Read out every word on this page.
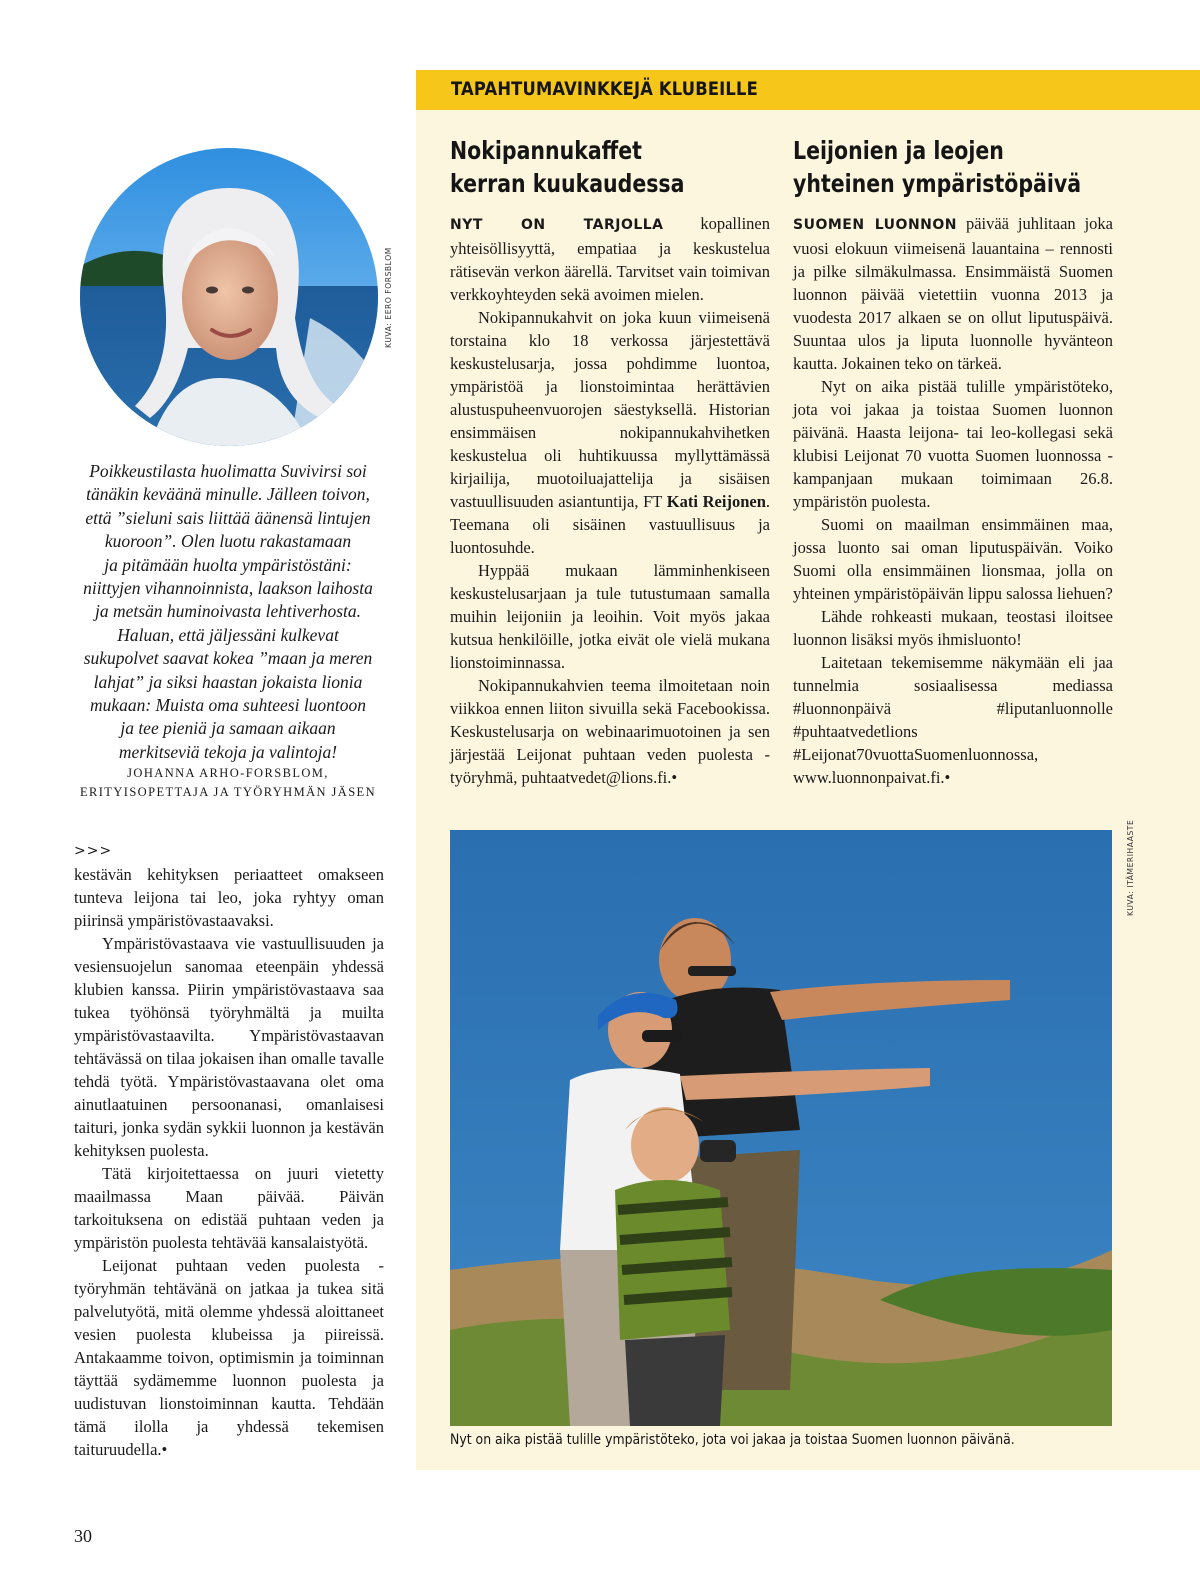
TAPAHTUMAVINKKEJÄ KLUBEILLE
KUVA: EERO FORSBLOM
Poikkeustilasta huolimatta Suvivirsi soi
tänäkin keväänä minulle. Jälleen toivon,
että ”sieluni sais liittää äänensä lintujen
kuoroon”. Olen luotu rakastamaan
ja pitämään huolta ympäristöstäni:
niittyjen vihannoinnista, laakson laihosta
ja metsän huminoivasta lehtiverhosta.
Haluan, että jäljessäni kulkevat
sukupolvet saavat kokea ”maan ja meren
lahjat” ja siksi haastan jokaista lionia
mukaan: Muista oma suhteesi luontoon
ja tee pieniä ja samaan aikaan
merkitseviä tekoja ja valintoja!
JOHANNA ARHO-FORSBLOM,
ERITYISOPETTAJA JA TYÖRYHMÄN JÄSEN
>>>

kestävän kehityksen periaatteet omakseen tunteva leijona tai leo, joka ryhtyy oman piirinsä ympäristövastaavaksi.

Ympäristövastaava vie vastuullisuuden ja vesiensuojelun sanomaa eteenpäin yhdessä klubien kanssa. Piirin ympäristövastaava saa tukea työhönsä työryhmältä ja muilta ympäristövastaavilta. Ympäristövastaavan tehtävässä on tilaa jokaisen ihan omalle tavalle tehdä työtä. Ympäristövastaavana olet oma ainutlaatuinen persoonanasi, omanlaisesi taituri, jonka sydän sykkii luonnon ja kestävän kehityksen puolesta.

Tätä kirjoitettaessa on juuri vietetty maailmassa Maan päivää. Päivän tarkoituksena on edistää puhtaan veden ja ympäristön puolesta tehtävää kansalaistyötä.

Leijonat puhtaan veden puolesta -työryhmän tehtävänä on jatkaa ja tukea sitä palvelutyötä, mitä olemme yhdessä aloittaneet vesien puolesta klubeissa ja piireissä. Antakaamme toivon, optimismin ja toiminnan täyttää sydämemme luonnon puolesta ja uudistuvan lionstoiminnan kautta. Tehdään tämä ilolla ja yhdessä tekemisen taituruudella.•

Nokipannukaffet
kerran kuukaudessa

NYT ON TARJOLLA kopallinen yhteisöllisyyttä, empatiaa ja keskustelua rätisevän verkon äärellä. Tarvitset vain toimivan verkkoyhteyden sekä avoimen mielen.

Nokipannukahvit on joka kuun viimeisenä torstaina klo 18 verkossa järjestettävä keskustelusarja, jossa pohdimme luontoa, ympäristöä ja lionstoimintaa herättävien alustuspuheenvuorojen säestyksellä. Historian ensimmäisen nokipannukahvihetken keskustelua oli huhtikuussa myllyttämässä kirjailija, muotoiluajattelija ja sisäisen vastuullisuuden asiantuntija, FT Kati Reijonen. Teemana oli sisäinen vastuullisuus ja luontosuhde.

Hyppää mukaan lämminhenkiseen keskustelusarjaan ja tule tutustumaan samalla muihin leijoniin ja leoihin. Voit myös jakaa kutsua henkilöille, jotka eivät ole vielä mukana lionstoiminnassa.

Nokipannukahvien teema ilmoitetaan noin viikkoa ennen liiton sivuilla sekä Facebookissa. Keskustelusarja on webinaarimuotoinen ja sen järjestää Leijonat puhtaan veden puolesta -työryhmä, puhtaatvedet@lions.fi.•

Leijonien ja leojen
yhteinen ympäristöpäivä

SUOMEN LUONNON päivää juhlitaan joka vuosi elokuun viimeisenä lauantaina – rennosti ja pilke silmäkulmassa. Ensimmäistä Suomen luonnon päivää vietettiin vuonna 2013 ja vuodesta 2017 alkaen se on ollut liputuspäivä. Suuntaa ulos ja liputa luonnolle hyvänteon kautta. Jokainen teko on tärkeä.

Nyt on aika pistää tulille ympäristöteko, jota voi jakaa ja toistaa Suomen luonnon päivänä. Haasta leijona- tai leo-kollegasi sekä klubisi Leijonat 70 vuotta Suomen luonnossa -kampanjaan mukaan toimimaan 26.8. ympäristön puolesta.

Suomi on maailman ensimmäinen maa, jossa luonto sai oman liputuspäivän. Voiko Suomi olla ensimmäinen lionsmaa, jolla on yhteinen ympäristöpäivän lippu salossa liehuen?

Lähde rohkeasti mukaan, teostasi iloitsee luonnon lisäksi myös ihmisluonto!

Laitetaan tekemisemme näkymään eli jaa tunnelmia sosiaalisessa mediassa #luonnonpäivä #liputanluonnolle #puhtaatvedetlions #Leijonat70vuottaSuomenluonnossa, www.luonnonpaivat.fi.•

KUVA: ITÄMERIHAASTE
Nyt on aika pistää tulille ympäristöteko, jota voi jakaa ja toistaa Suomen luonnon päivänä.
30
